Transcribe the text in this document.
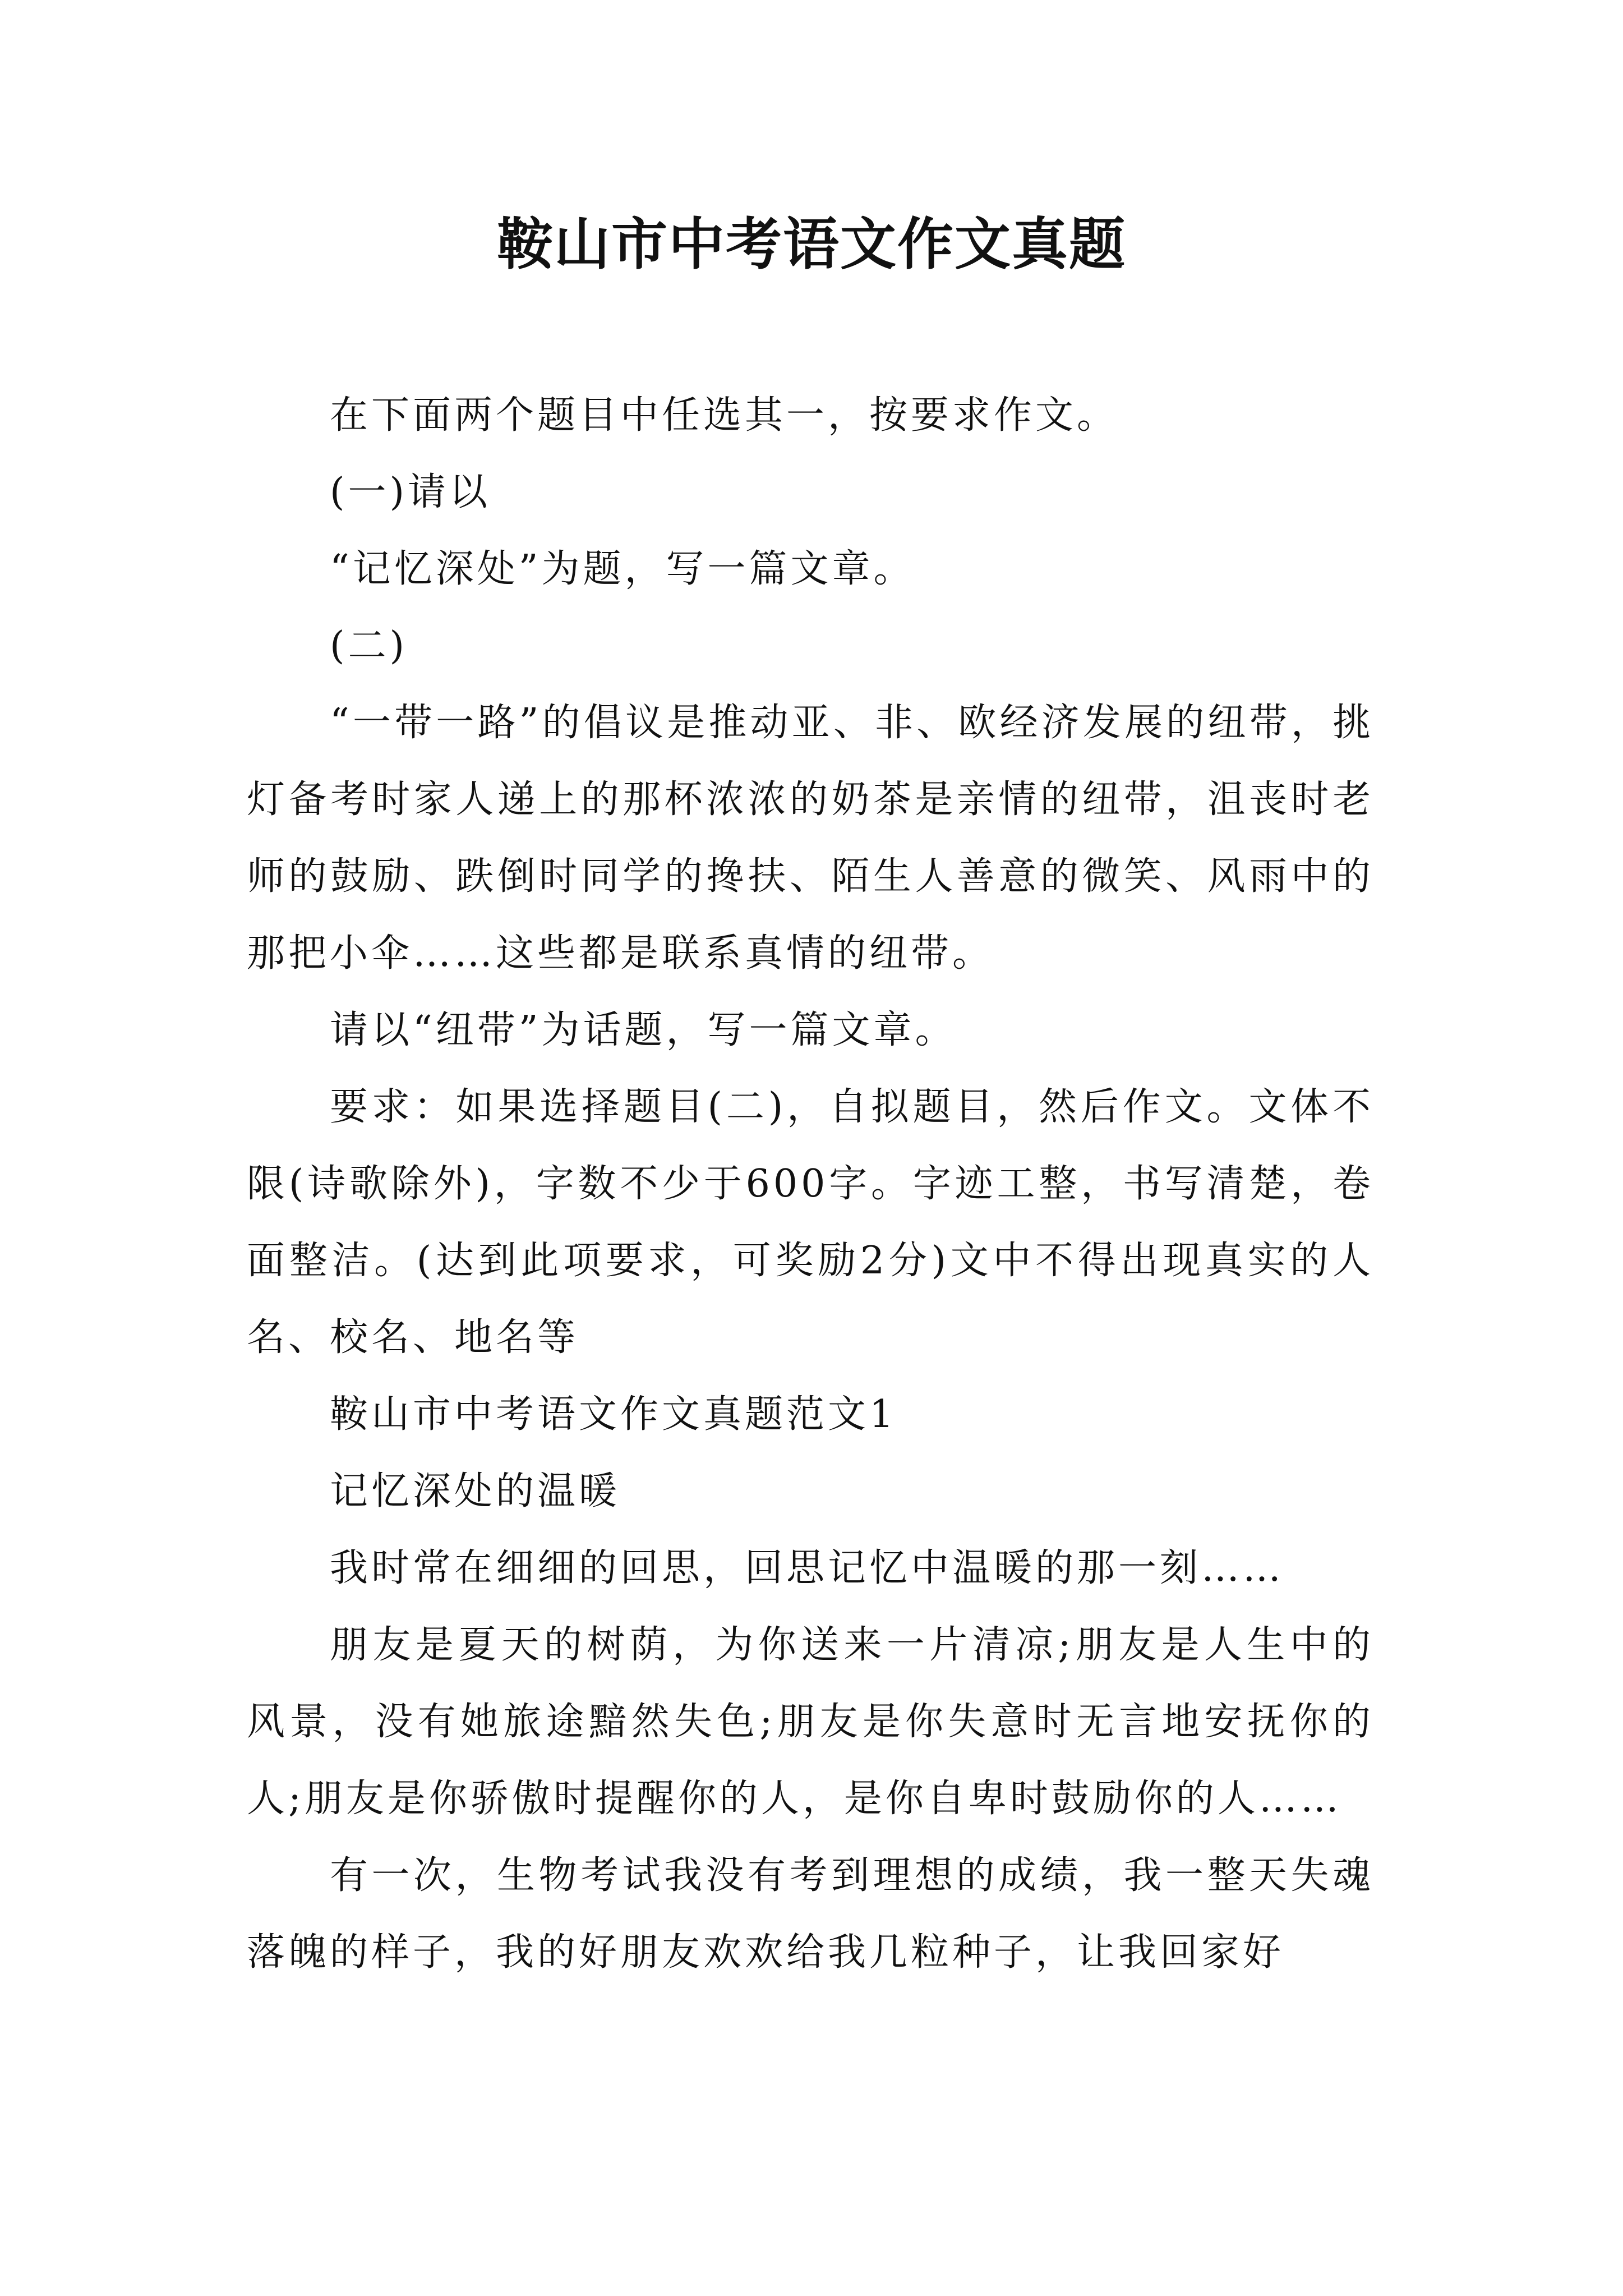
鞍山市中考语文作文真题

在下面两个题目中任选其一，按要求作文。

(一)请以

“记忆深处”为题，写一篇文章。

(二)

“一带一路”的倡议是推动亚、非、欧经济发展的纽带，挑灯备考时家人递上的那杯浓浓的奶茶是亲情的纽带，沮丧时老师的鼓励、跌倒时同学的搀扶、陌生人善意的微笑、风雨中的那把小伞……这些都是联系真情的纽带。

请以“纽带”为话题，写一篇文章。

要求：如果选择题目(二)，自拟题目，然后作文。文体不限(诗歌除外)，字数不少于600字。字迹工整，书写清楚，卷面整洁。(达到此项要求，可奖励2分)文中不得出现真实的人名、校名、地名等

鞍山市中考语文作文真题范文1

记忆深处的温暖

我时常在细细的回思，回思记忆中温暖的那一刻……

朋友是夏天的树荫，为你送来一片清凉;朋友是人生中的风景，没有她旅途黯然失色;朋友是你失意时无言地安抚你的人;朋友是你骄傲时提醒你的人，是你自卑时鼓励你的人……

有一次，生物考试我没有考到理想的成绩，我一整天失魂落魄的样子，我的好朋友欢欢给我几粒种子，让我回家好
